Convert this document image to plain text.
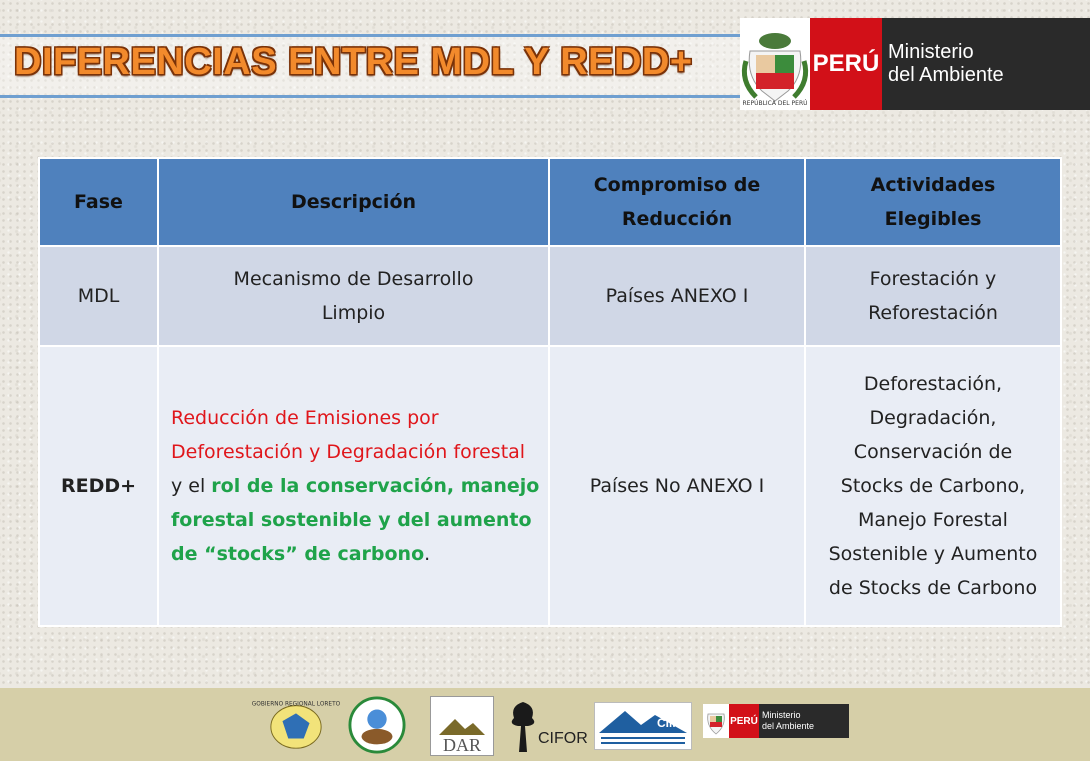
DIFERENCIAS ENTRE MDL Y REDD+
REPÚBLICA DEL PERÚ
PERÚ Ministerio
del Ambiente
Fase	Descripción	Compromiso de Reducción	Actividades Elegibles
MDL	Mecanismo de Desarrollo Limpio	Países ANEXO I	Forestación y Reforestación
REDD+	Reducción de Emisiones por Deforestación y Degradación forestal y el rol de la conservación, manejo forestal sostenible y del aumento de “stocks” de carbono.	Países No ANEXO I	Deforestación, Degradación, Conservación de Stocks de Carbono, Manejo Forestal Sostenible y Aumento de Stocks de Carbono
GOBIERNO REGIONAL LORETO
DAR	CIFOR
CIMA	PERÚ
Ministerio
del Ambiente
